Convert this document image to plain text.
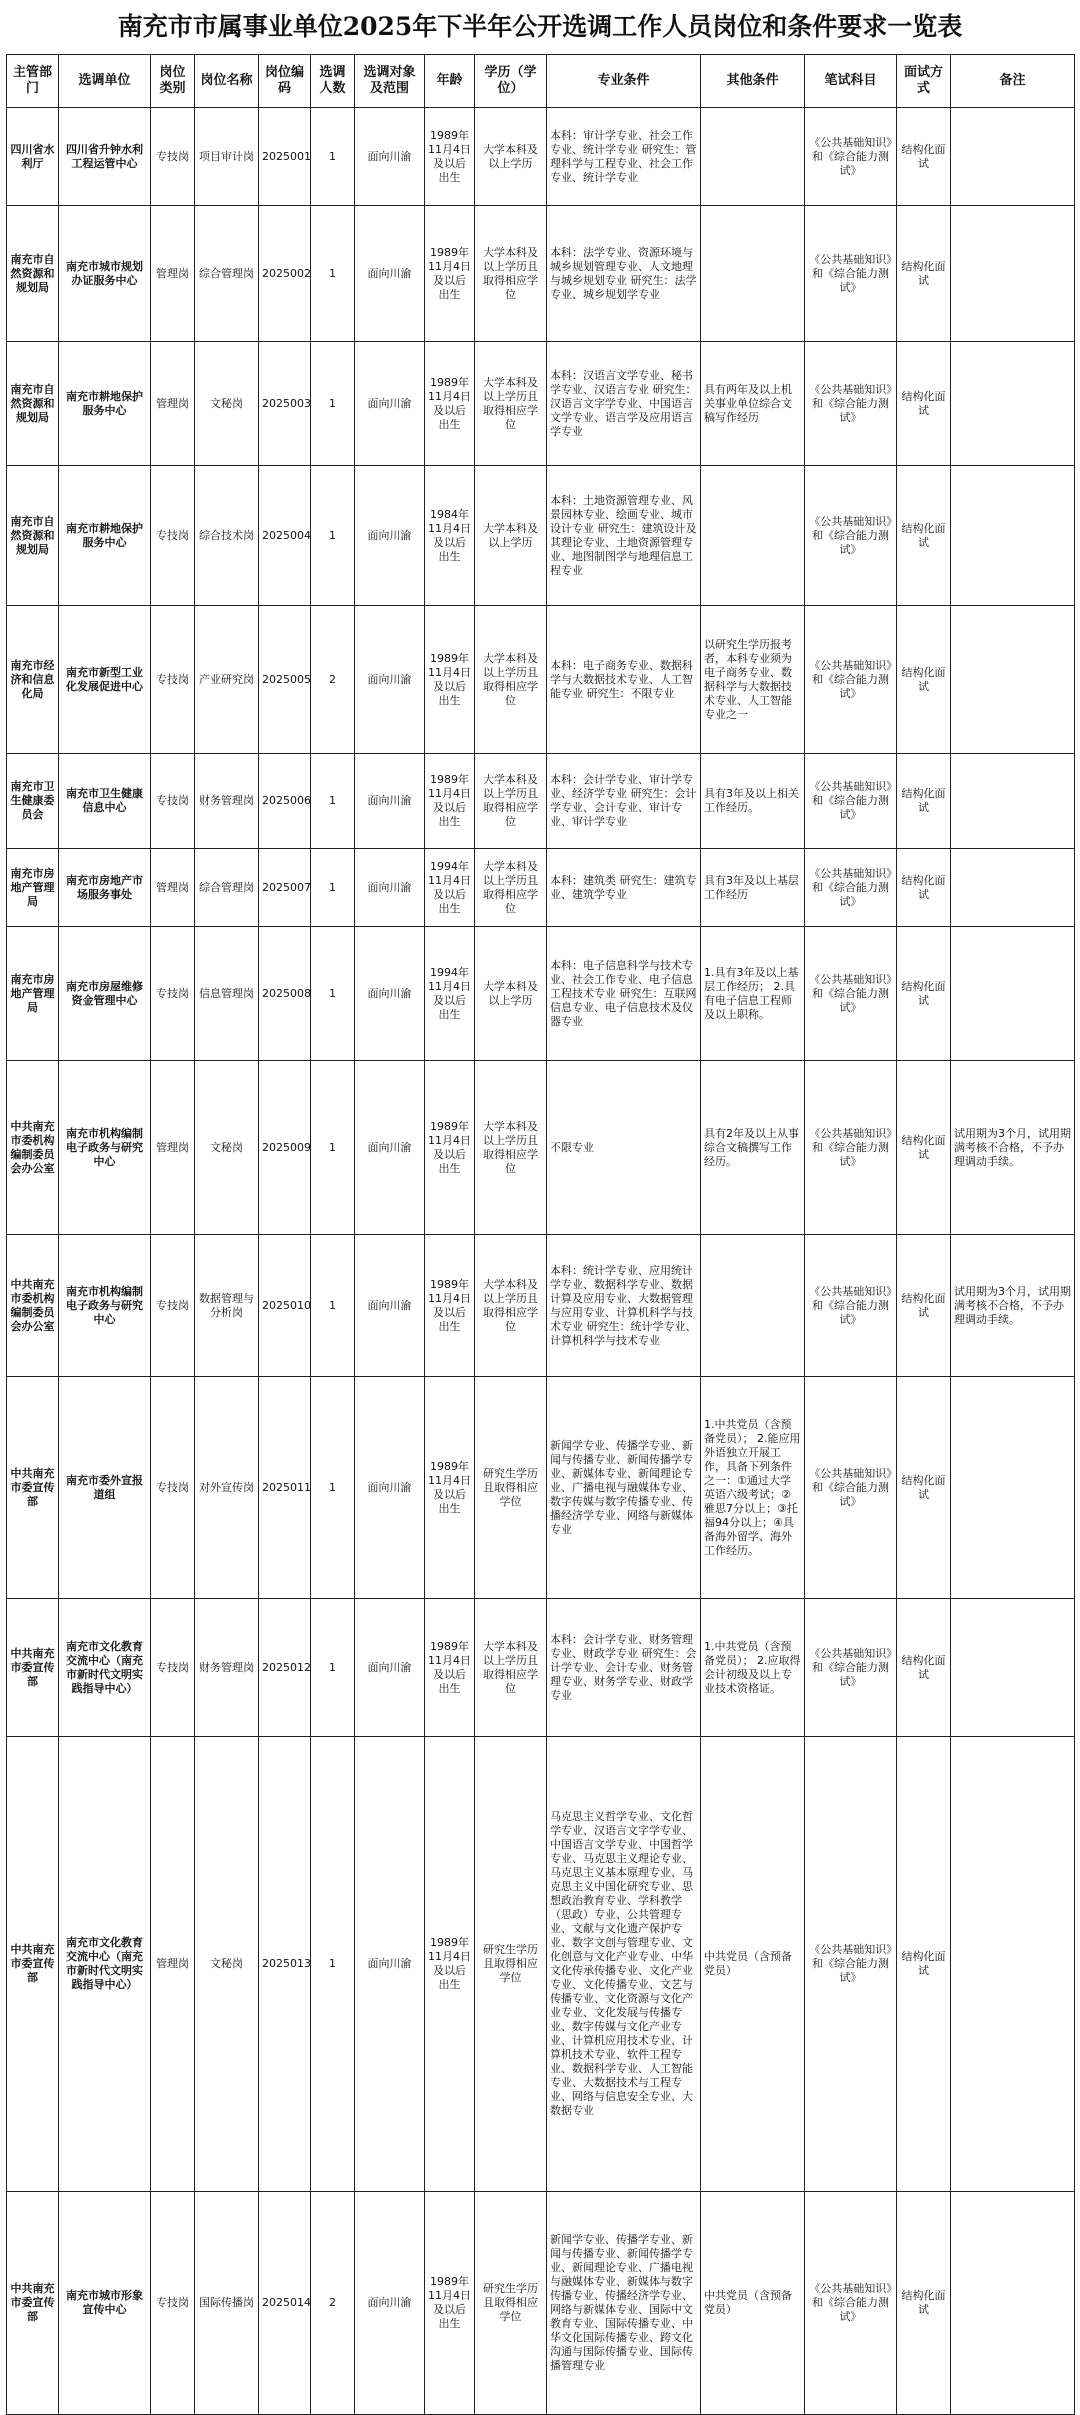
南充市市属事业单位2025年下半年公开选调工作人员岗位和条件要求一览表
主管部门	选调单位	岗位类别	岗位名称	岗位编码	选调人数	选调对象及范围	年龄	学历（学位）	专业条件	其他条件	笔试科目	面试方式	备注
四川省水利厅	四川省升钟水利工程运管中心	专技岗	项目审计岗	2025001	1	面向川渝	1989年11月4日及以后出生	大学本科及以上学历	本科：审计学专业、社会工作专业、统计学专业 研究生：管理科学与工程专业、社会工作专业、统计学专业		《公共基础知识》和《综合能力测试》	结构化面试	
南充市自然资源和规划局	南充市城市规划办证服务中心	管理岗	综合管理岗	2025002	1	面向川渝	1989年11月4日及以后出生	大学本科及以上学历且取得相应学位	本科：法学专业、资源环境与城乡规划管理专业、人文地理与城乡规划专业 研究生：法学专业、城乡规划学专业		《公共基础知识》和《综合能力测试》	结构化面试	
南充市自然资源和规划局	南充市耕地保护服务中心	管理岗	文秘岗	2025003	1	面向川渝	1989年11月4日及以后出生	大学本科及以上学历且取得相应学位	本科：汉语言文学专业、秘书学专业、汉语言专业 研究生：汉语言文字学专业、中国语言文学专业、语言学及应用语言学专业	具有两年及以上机关事业单位综合文稿写作经历	《公共基础知识》和《综合能力测试》	结构化面试	
南充市自然资源和规划局	南充市耕地保护服务中心	专技岗	综合技术岗	2025004	1	面向川渝	1984年11月4日及以后出生	大学本科及以上学历	本科：土地资源管理专业、风景园林专业、绘画专业、城市设计专业 研究生：建筑设计及其理论专业、土地资源管理专业、地图制图学与地理信息工程专业		《公共基础知识》和《综合能力测试》	结构化面试	
南充市经济和信息化局	南充市新型工业化发展促进中心	专技岗	产业研究岗	2025005	2	面向川渝	1989年11月4日及以后出生	大学本科及以上学历且取得相应学位	本科：电子商务专业、数据科学与大数据技术专业、人工智能专业 研究生：不限专业	以研究生学历报考者，本科专业须为电子商务专业、数据科学与大数据技术专业、人工智能专业之一	《公共基础知识》和《综合能力测试》	结构化面试	
南充市卫生健康委员会	南充市卫生健康信息中心	专技岗	财务管理岗	2025006	1	面向川渝	1989年11月4日及以后出生	大学本科及以上学历且取得相应学位	本科：会计学专业、审计学专业、经济学专业 研究生：会计学专业、会计专业、审计专业、审计学专业	具有3年及以上相关工作经历。	《公共基础知识》和《综合能力测试》	结构化面试	
南充市房地产管理局	南充市房地产市场服务事处	管理岗	综合管理岗	2025007	1	面向川渝	1994年11月4日及以后出生	大学本科及以上学历且取得相应学位	本科：建筑类 研究生：建筑专业、建筑学专业	具有3年及以上基层工作经历	《公共基础知识》和《综合能力测试》	结构化面试	
南充市房地产管理局	南充市房屋维修资金管理中心	专技岗	信息管理岗	2025008	1	面向川渝	1994年11月4日及以后出生	大学本科及以上学历	本科：电子信息科学与技术专业、社会工作专业、电子信息工程技术专业 研究生：互联网信息专业、电子信息技术及仪器专业	1.具有3年及以上基层工作经历； 2.具有电子信息工程师及以上职称。	《公共基础知识》和《综合能力测试》	结构化面试	
中共南充市委机构编制委员会办公室	南充市机构编制电子政务与研究中心	管理岗	文秘岗	2025009	1	面向川渝	1989年11月4日及以后出生	大学本科及以上学历且取得相应学位	不限专业	具有2年及以上从事综合文稿撰写工作经历。	《公共基础知识》和《综合能力测试》	结构化面试	试用期为3个月，试用期满考核不合格，不予办理调动手续。
中共南充市委机构编制委员会办公室	南充市机构编制电子政务与研究中心	专技岗	数据管理与分析岗	2025010	1	面向川渝	1989年11月4日及以后出生	大学本科及以上学历且取得相应学位	本科：统计学专业、应用统计学专业、数据科学专业、数据计算及应用专业、大数据管理与应用专业、计算机科学与技术专业 研究生：统计学专业、计算机科学与技术专业		《公共基础知识》和《综合能力测试》	结构化面试	试用期为3个月，试用期满考核不合格，不予办理调动手续。
中共南充市委宣传部	南充市委外宣报道组	专技岗	对外宣传岗	2025011	1	面向川渝	1989年11月4日及以后出生	研究生学历且取得相应学位	新闻学专业、传播学专业、新闻与传播专业、新闻传播学专业、新媒体专业、新闻理论专业、广播电视与融媒体专业、数字传媒与数字传播专业、传播经济学专业、网络与新媒体专业	1.中共党员（含预备党员）； 2.能应用外语独立开展工作，具备下列条件之一：①通过大学英语六级考试；②雅思7分以上；③托福94分以上；④具备海外留学、海外工作经历。	《公共基础知识》和《综合能力测试》	结构化面试	
中共南充市委宣传部	南充市文化教育交流中心（南充市新时代文明实践指导中心）	专技岗	财务管理岗	2025012	1	面向川渝	1989年11月4日及以后出生	大学本科及以上学历且取得相应学位	本科：会计学专业、财务管理专业、财政学专业 研究生：会计学专业、会计专业、财务管理专业、财务学专业、财政学专业	1.中共党员（含预备党员）； 2.应取得会计初级及以上专业技术资格证。	《公共基础知识》和《综合能力测试》	结构化面试	
中共南充市委宣传部	南充市文化教育交流中心（南充市新时代文明实践指导中心）	管理岗	文秘岗	2025013	1	面向川渝	1989年11月4日及以后出生	研究生学历且取得相应学位	马克思主义哲学专业、文化哲学专业、汉语言文字学专业、中国语言文学专业、中国哲学专业、马克思主义理论专业、马克思主义基本原理专业、马克思主义中国化研究专业、思想政治教育专业、学科教学（思政）专业、公共管理专业、文献与文化遗产保护专业、数字文创与管理专业、文化创意与文化产业专业、中华文化传承传播专业、文化产业专业、文化传播专业、文艺与传播专业、文化资源与文化产业专业、文化发展与传播专业、数字传媒与文化产业专业、计算机应用技术专业、计算机技术专业、软件工程专业、数据科学专业、人工智能专业、大数据技术与工程专业、网络与信息安全专业、大数据专业	中共党员（含预备党员）	《公共基础知识》和《综合能力测试》	结构化面试	
中共南充市委宣传部	南充市城市形象宣传中心	专技岗	国际传播岗	2025014	2	面向川渝	1989年11月4日及以后出生	研究生学历且取得相应学位	新闻学专业、传播学专业、新闻与传播专业、新闻传播学专业、新闻理论专业、广播电视与融媒体专业、新媒体与数字传播专业、传播经济学专业、网络与新媒体专业、国际中文教育专业、国际传播专业、中华文化国际传播专业、跨文化沟通与国际传播专业、国际传播管理专业	中共党员（含预备党员）	《公共基础知识》和《综合能力测试》	结构化面试	
